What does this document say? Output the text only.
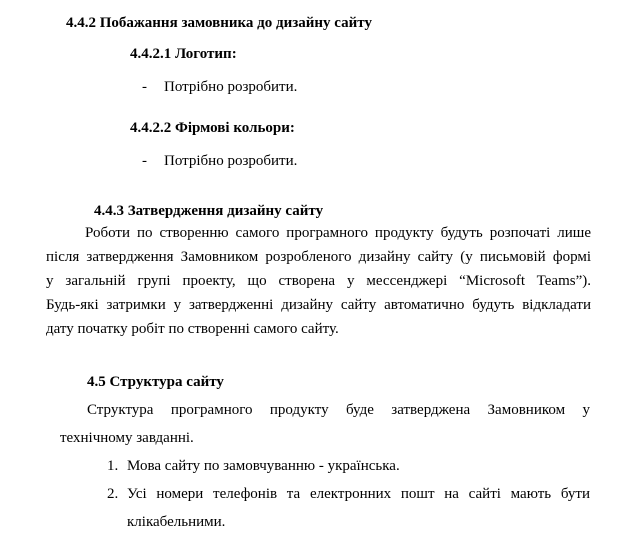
4.4.2 Побажання замовника до дизайну сайту
4.4.2.1 Логотип:
- Потрібно розробити.
4.4.2.2 Фірмові кольори:
- Потрібно розробити.
4.4.3 Затвердження дизайну сайту
Роботи по створенню самого програмного продукту будуть розпочаті лише
після затвердження Замовником розробленого дизайну сайту (у письмовій формі
у загальній групі проекту, що створена у мессенджері “Microsoft Teams”).
Будь-які затримки у затвердженні дизайну сайту автоматично будуть відкладати
дату початку робіт по створенні самого сайту.
4.5 Структура сайту
Структура програмного продукту буде затверджена Замовником у
технічному завданні.
1. Мова сайту по замовчуванню - українська.
2. Усі номери телефонів та електронних пошт на сайті мають бути
клікабельними.
